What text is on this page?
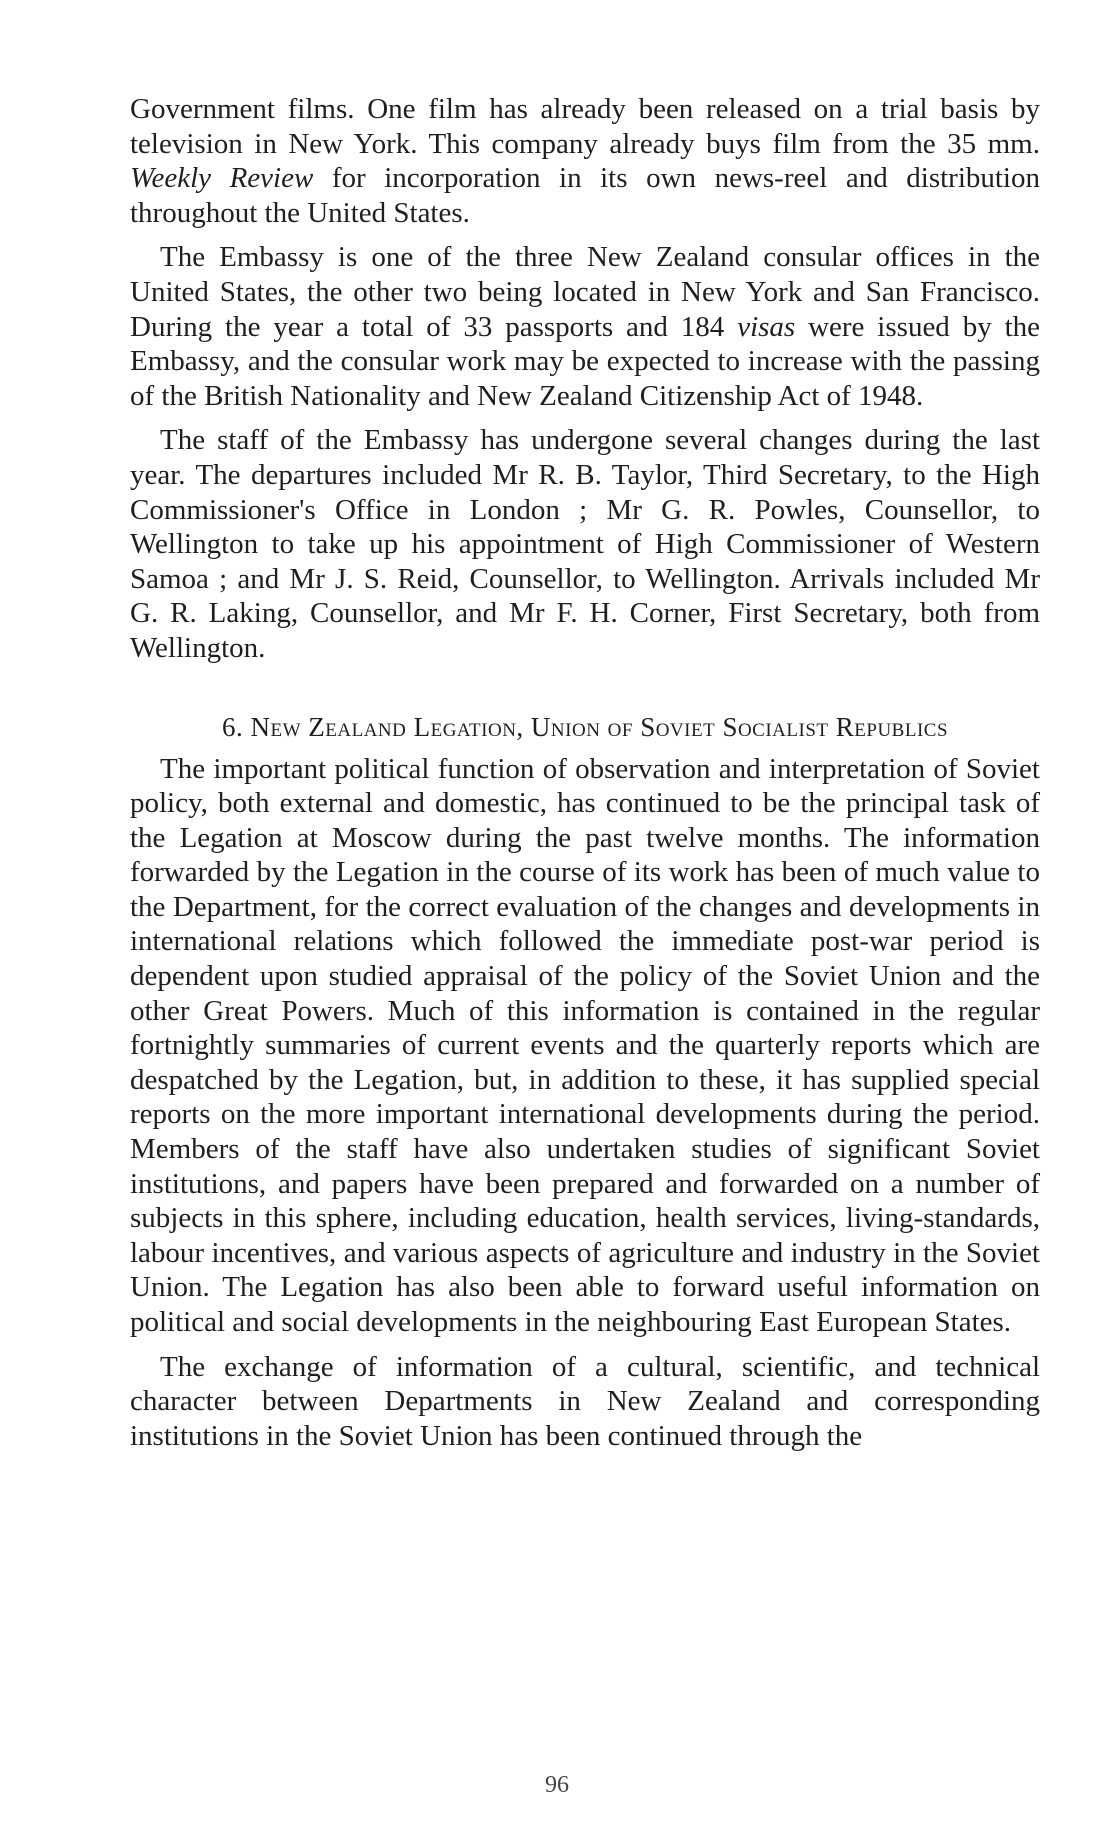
Government films. One film has already been released on a trial basis by television in New York. This company already buys film from the 35 mm. Weekly Review for incorporation in its own news-reel and distribution throughout the United States.

The Embassy is one of the three New Zealand consular offices in the United States, the other two being located in New York and San Francisco. During the year a total of 33 passports and 184 visas were issued by the Embassy, and the consular work may be expected to increase with the passing of the British Nationality and New Zealand Citizenship Act of 1948.

The staff of the Embassy has undergone several changes during the last year. The departures included Mr R. B. Taylor, Third Secretary, to the High Commissioner's Office in London ; Mr G. R. Powles, Counsellor, to Wellington to take up his appointment of High Commissioner of Western Samoa ; and Mr J. S. Reid, Counsellor, to Wellington. Arrivals included Mr G. R. Laking, Counsellor, and Mr F. H. Corner, First Secretary, both from Wellington.

6. New Zealand Legation, Union of Soviet Socialist Republics

The important political function of observation and interpretation of Soviet policy, both external and domestic, has continued to be the principal task of the Legation at Moscow during the past twelve months. The information forwarded by the Legation in the course of its work has been of much value to the Department, for the correct evaluation of the changes and developments in international relations which followed the immediate post-war period is dependent upon studied appraisal of the policy of the Soviet Union and the other Great Powers. Much of this information is contained in the regular fortnightly summaries of current events and the quarterly reports which are despatched by the Legation, but, in addition to these, it has supplied special reports on the more important international developments during the period. Members of the staff have also undertaken studies of significant Soviet institutions, and papers have been prepared and forwarded on a number of subjects in this sphere, including education, health services, living-standards, labour incentives, and various aspects of agriculture and industry in the Soviet Union. The Legation has also been able to forward useful information on political and social developments in the neighbouring East European States.

The exchange of information of a cultural, scientific, and technical character between Departments in New Zealand and corresponding institutions in the Soviet Union has been continued through the

96
